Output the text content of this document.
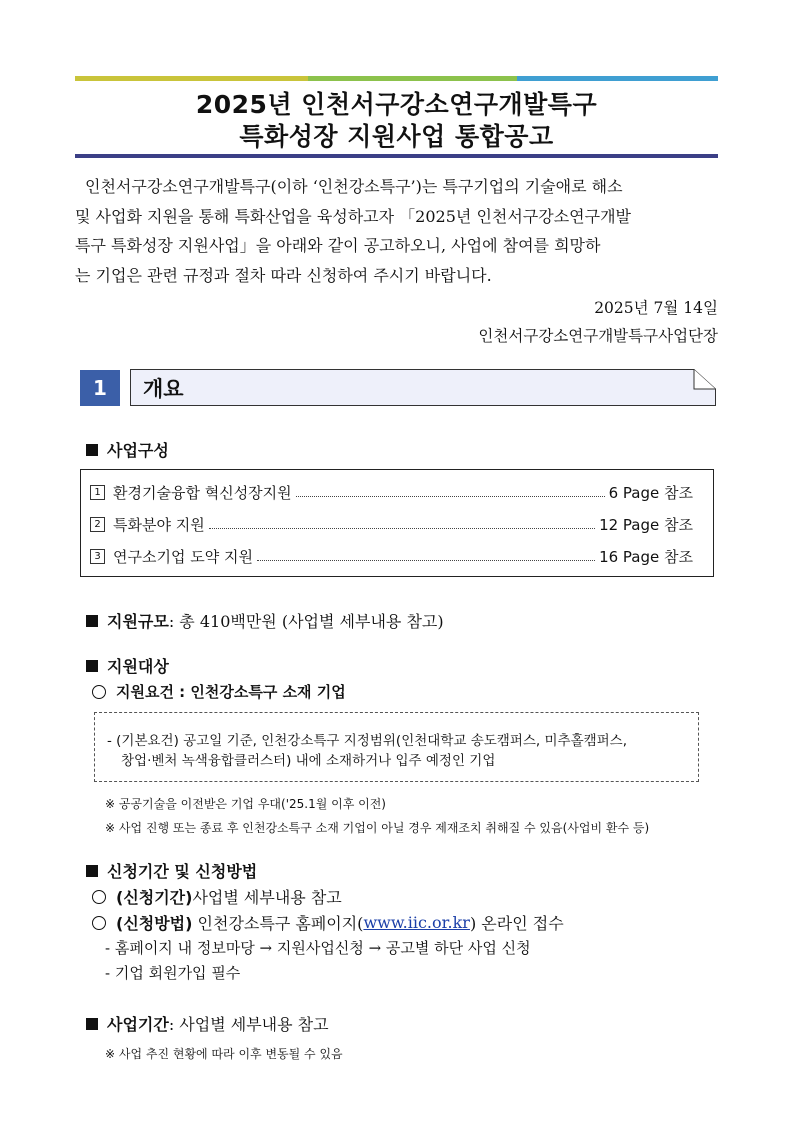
2025년 인천서구강소연구개발특구
특화성장 지원사업 통합공고
인천서구강소연구개발특구(이하 ‘인천강소특구’)는 특구기업의 기술애로 해소
및 사업화 지원을 통해 특화산업을 육성하고자 「2025년 인천서구강소연구개발
특구 특화성장 지원사업」을 아래와 같이 공고하오니, 사업에 참여를 희망하
는 기업은 관련 규정과 절차 따라 신청하여 주시기 바랍니다.
2025년 7월 14일
인천서구강소연구개발특구사업단장
1	개요
사업구성
1 환경기술융합 혁신성장지원	6 Page 참조
2 특화분야 지원	12 Page 참조
3 연구소기업 도약 지원	16 Page 참조
지원규모 : 총 410백만원 (사업별 세부내용 참고)
지원대상
지원요건 : 인천강소특구 소재 기업
- (기본요건) 공고일 기준, 인천강소특구 지정범위(인천대학교 송도캠퍼스, 미추홀캠퍼스,
창업·벤처 녹색융합클러스터) 내에 소재하거나 입주 예정인 기업
※ 공공기술을 이전받은 기업 우대('25.1월 이후 이전)
※ 사업 진행 또는 종료 후 인천강소특구 소재 기업이 아닐 경우 제재조치 취해질 수 있음(사업비 환수 등)
신청기간 및 신청방법
(신청기간) 사업별 세부내용 참고
(신청방법) 인천강소특구 홈페이지( www.iic.or.kr ) 온라인 접수
- 홈페이지 내 정보마당 → 지원사업신청 → 공고별 하단 사업 신청
- 기업 회원가입 필수
사업기간 : 사업별 세부내용 참고
※ 사업 추진 현황에 따라 이후 변동될 수 있음
